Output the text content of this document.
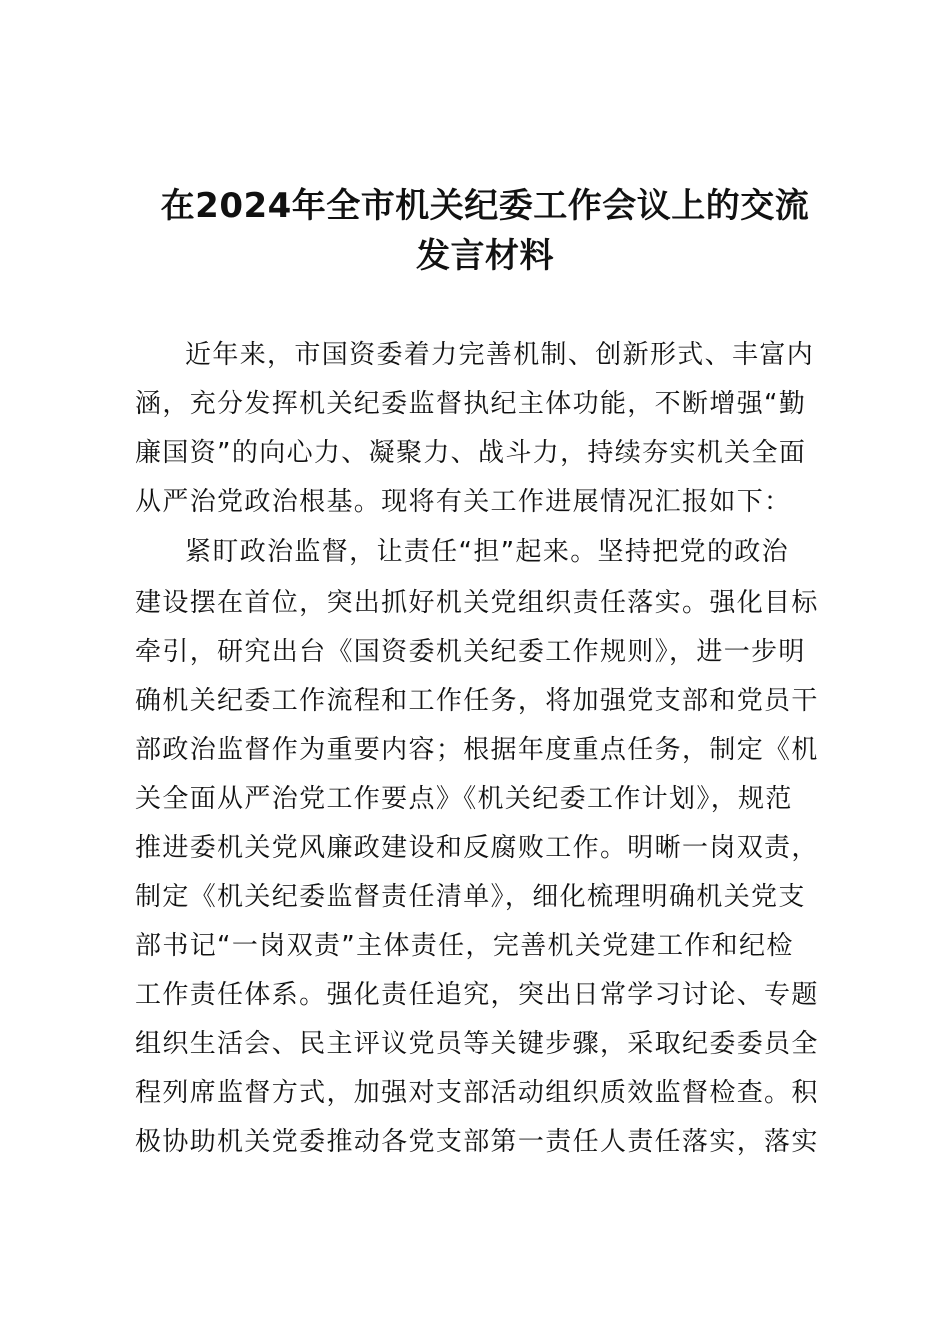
在2024年全市机关纪委工作会议上的交流
发言材料
近年来，市国资委着力完善机制、创新形式、丰富内
涵，充分发挥机关纪委监督执纪主体功能，不断增强“勤
廉国资”的向心力、凝聚力、战斗力，持续夯实机关全面
从严治党政治根基。现将有关工作进展情况汇报如下：
紧盯政治监督，让责任“担”起来。坚持把党的政治
建设摆在首位，突出抓好机关党组织责任落实。强化目标
牵引，研究出台《国资委机关纪委工作规则》，进一步明
确机关纪委工作流程和工作任务，将加强党支部和党员干
部政治监督作为重要内容；根据年度重点任务，制定《机
关全面从严治党工作要点》《机关纪委工作计划》，规范
推进委机关党风廉政建设和反腐败工作。明晰一岗双责，
制定《机关纪委监督责任清单》，细化梳理明确机关党支
部书记“一岗双责”主体责任，完善机关党建工作和纪检
工作责任体系。强化责任追究，突出日常学习讨论、专题
组织生活会、民主评议党员等关键步骤，采取纪委委员全
程列席监督方式，加强对支部活动组织质效监督检查。积
极协助机关党委推动各党支部第一责任人责任落实，落实
